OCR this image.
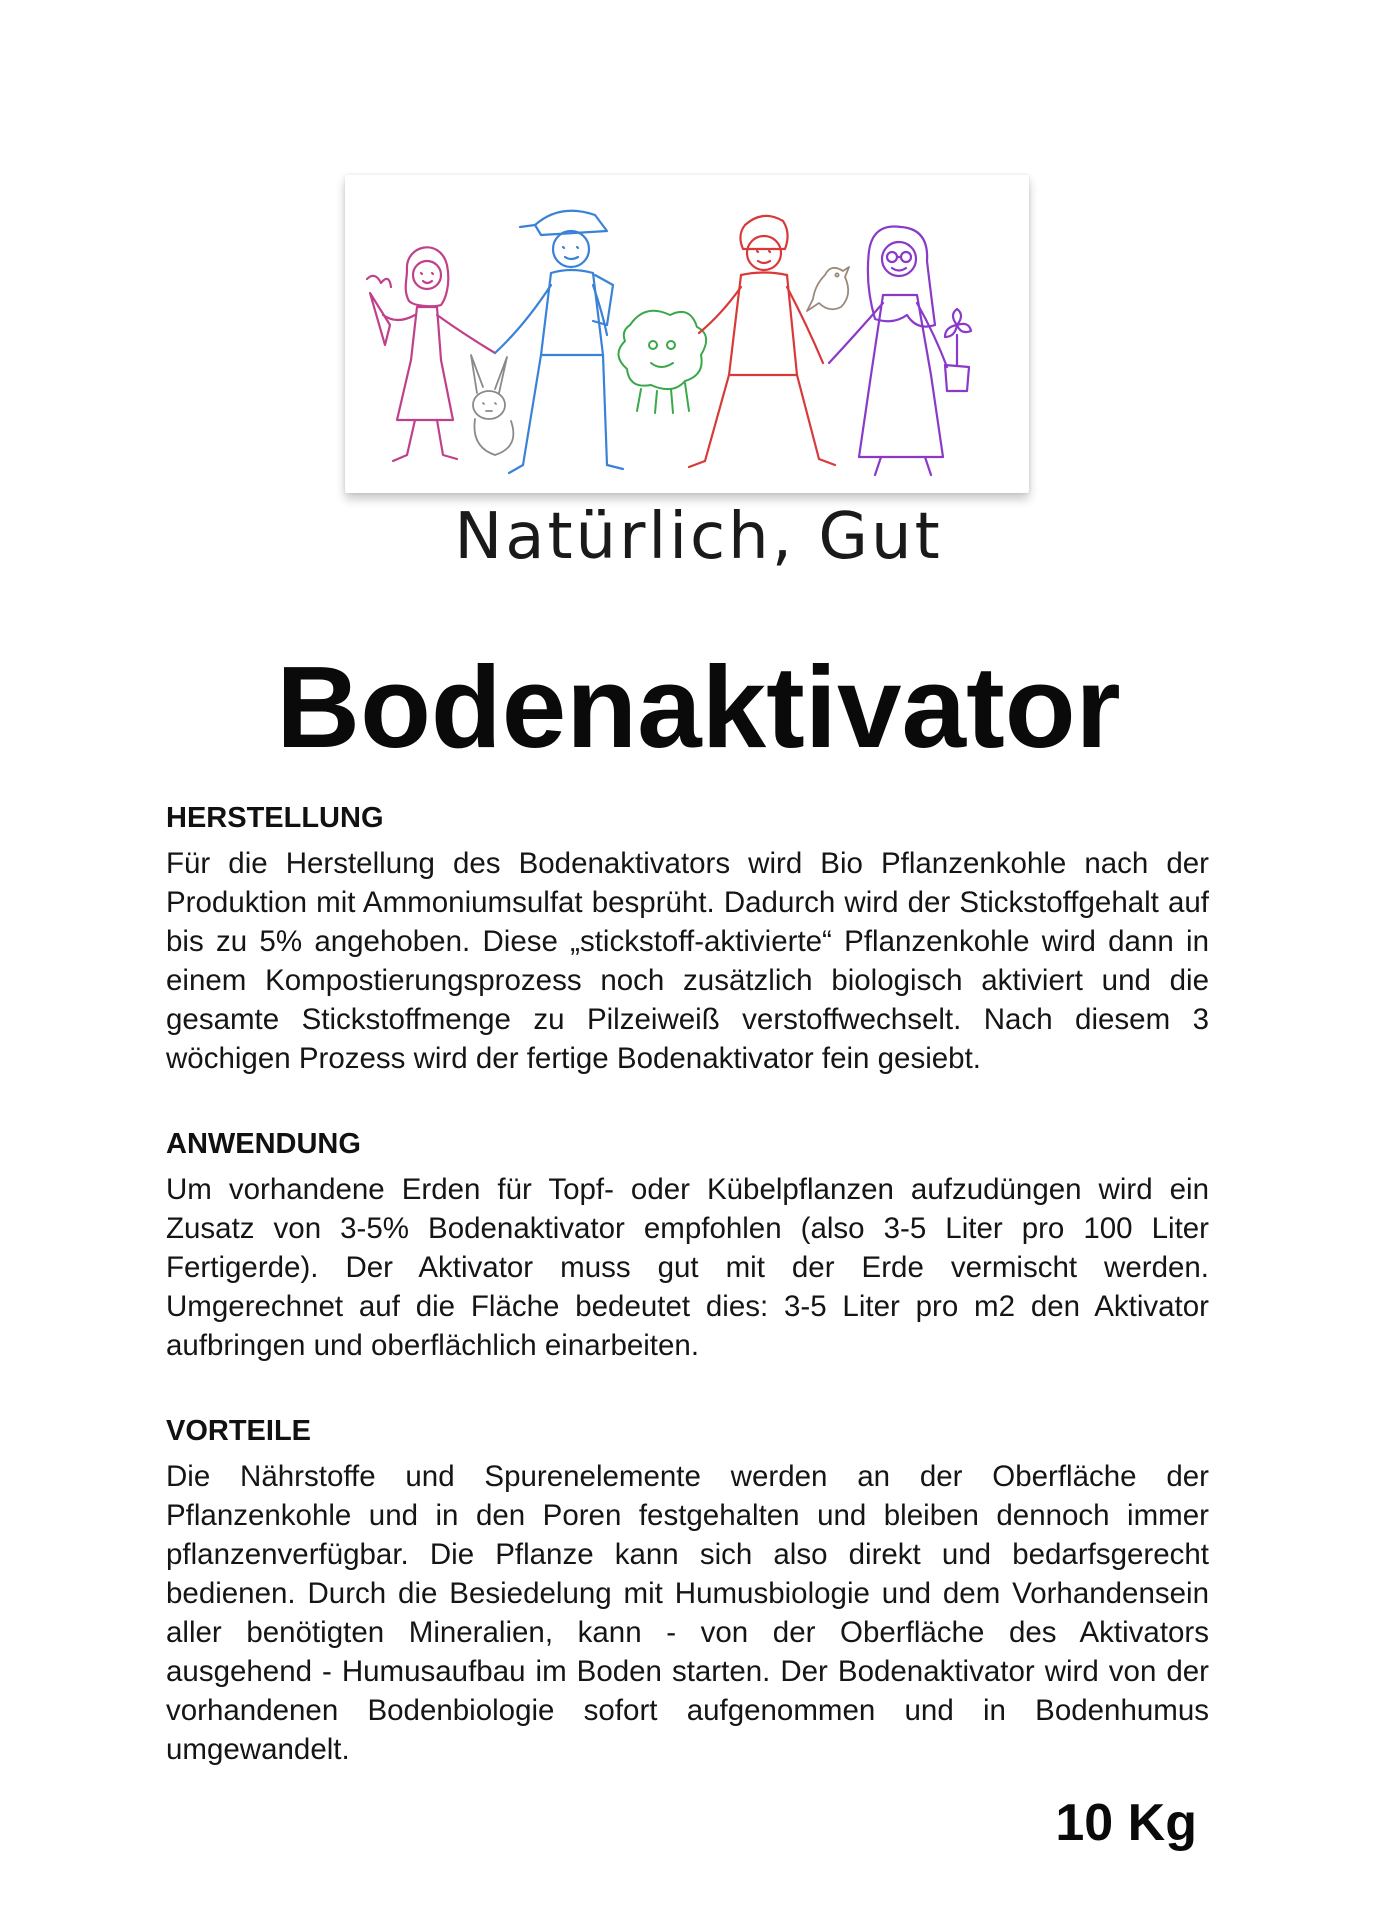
Natürlich, Gut
Bodenaktivator
HERSTELLUNG

Für die Herstellung des Bodenaktivators wird Bio Pflanzenkohle nach der Produktion mit Ammoniumsulfat besprüht. Dadurch wird der Stickstoffgehalt auf bis zu 5% angehoben. Diese „stickstoff-aktivierte“ Pflanzenkohle wird dann in einem Kompostierungsprozess noch zusätzlich biologisch aktiviert und die gesamte Stickstoffmenge zu Pilzeiweiß verstoffwechselt. Nach diesem 3 wöchigen Prozess wird der fertige Bodenaktivator fein gesiebt.

ANWENDUNG

Um vorhandene Erden für Topf- oder Kübelpflanzen aufzudüngen wird ein Zusatz von 3-5% Bodenaktivator empfohlen (also 3-5 Liter pro 100 Liter Fertigerde). Der Aktivator muss gut mit der Erde vermischt werden. Umgerechnet auf die Fläche bedeutet dies: 3-5 Liter pro m2 den Aktivator aufbringen und oberflächlich einarbeiten.

VORTEILE

Die Nährstoffe und Spurenelemente werden an der Oberfläche der Pflanzenkohle und in den Poren festgehalten und bleiben dennoch immer pflanzenverfügbar. Die Pflanze kann sich also direkt und bedarfsgerecht bedienen. Durch die Besiedelung mit Humusbiologie und dem Vorhandensein aller benötigten Mineralien, kann - von der Oberfläche des Aktivators ausgehend - Humusaufbau im Boden starten. Der Bodenaktivator wird von der vorhandenen Bodenbiologie sofort aufgenommen und in Bodenhumus umgewandelt.

10 Kg
